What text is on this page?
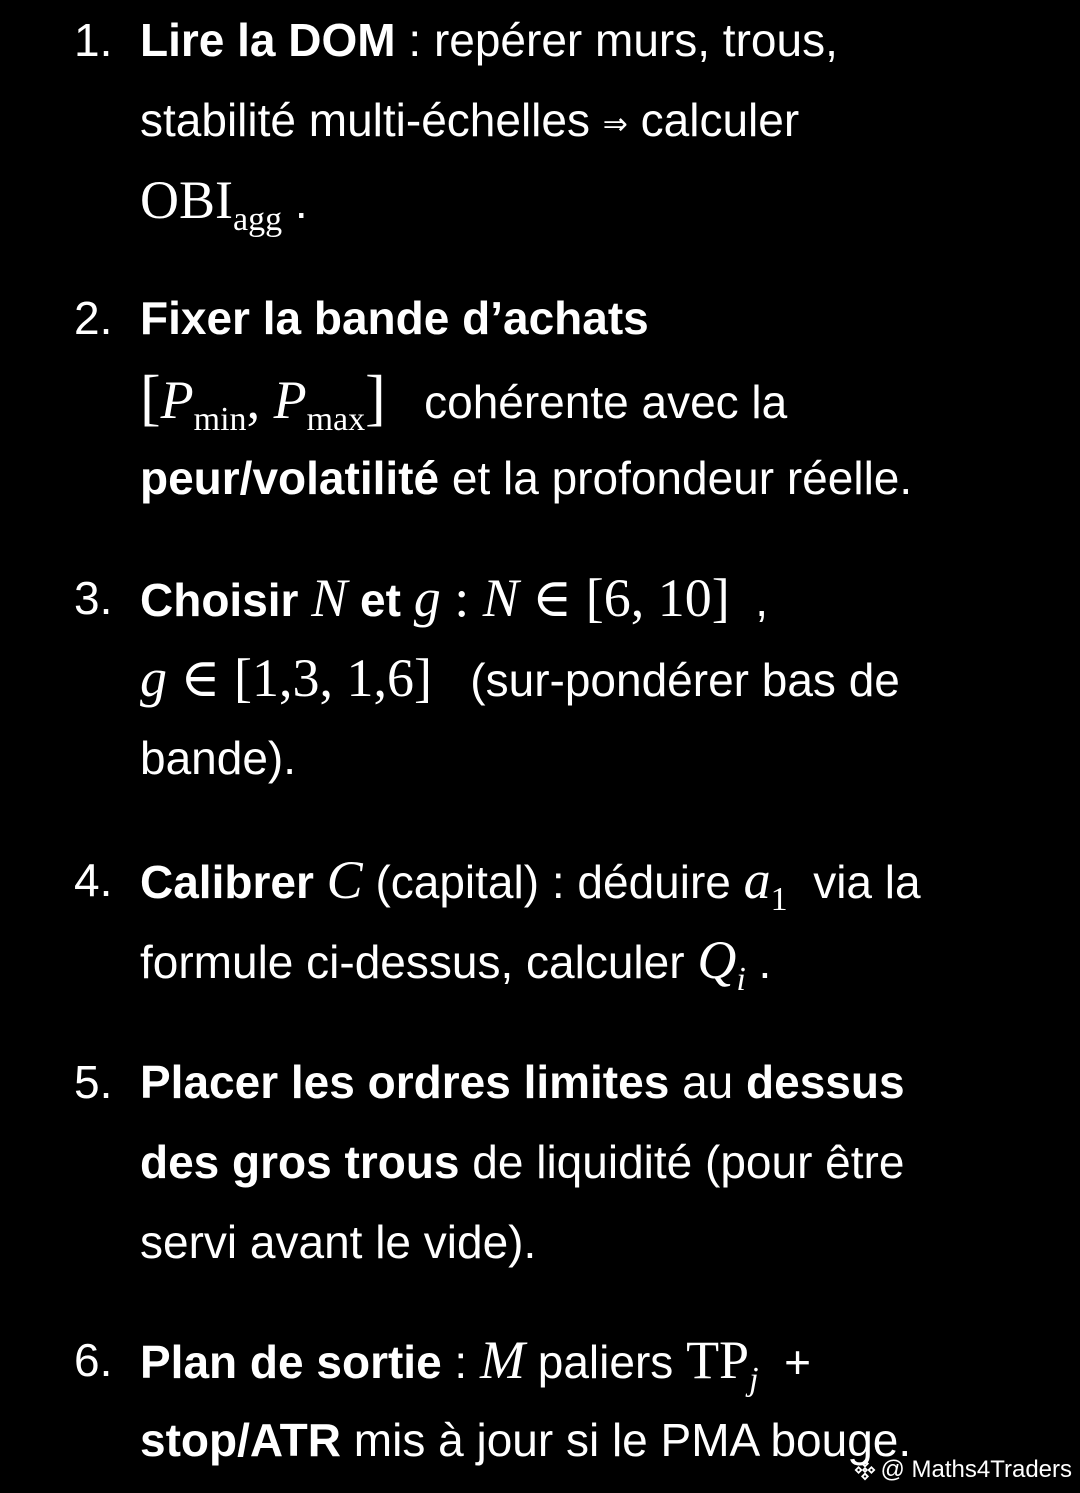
1. Lire la DOM : repérer murs, trous,
stabilité multi-échelles ⇒ calculer
$OBI_{agg}$ .
2. Fixer la bande d’achats
[$P_{min}$, $P_{max}$]   cohérente avec la
peur/volatilité et la profondeur réelle.
3. Choisir N et g : N ∈ [6, 10]  ,
g ∈ [1,3, 1,6]   (sur-pondérer bas de
bande).
4. Calibrer C (capital) : déduire $a_1$  via la
formule ci-dessus, calculer $Q_i$ .
5. Placer les ordres limites au dessus
des gros trous de liquidité (pour être
servi avant le vide).
6. Plan de sortie : M paliers $TP_j$  +
stop/ATR mis à jour si le PMA bouge.
@ Maths4Traders
